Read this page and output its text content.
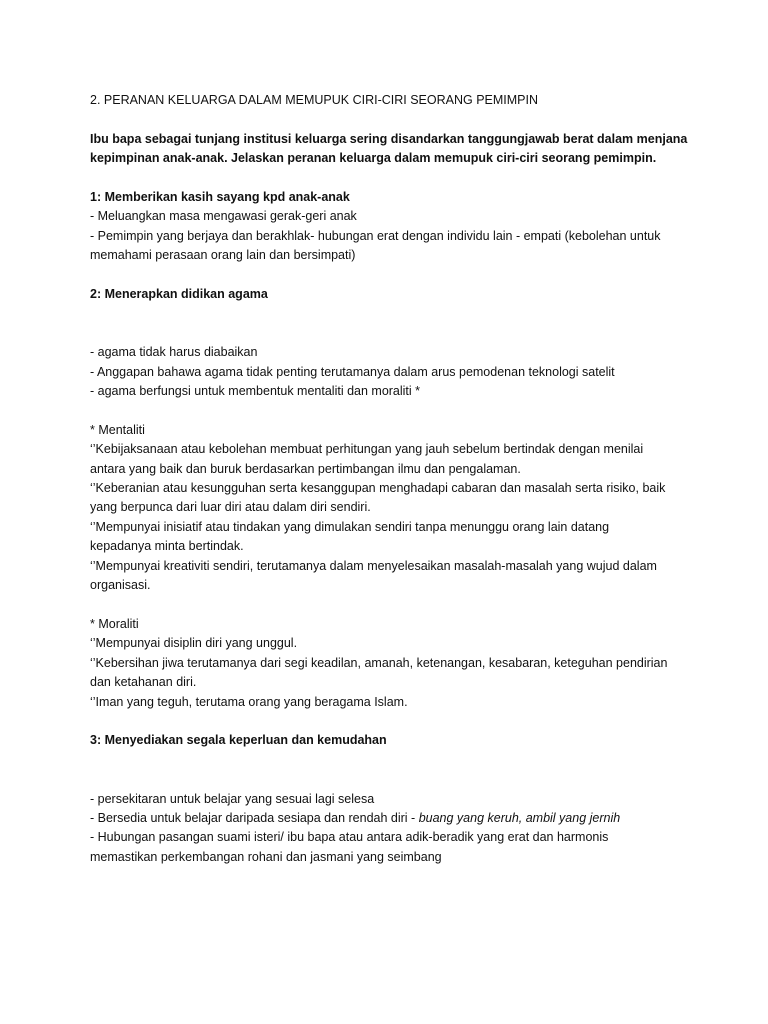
2. PERANAN KELUARGA DALAM MEMUPUK CIRI-CIRI SEORANG PEMIMPIN
Ibu bapa sebagai tunjang institusi keluarga sering disandarkan tanggungjawab berat dalam menjana
kepimpinan anak-anak. Jelaskan peranan keluarga dalam memupuk ciri-ciri seorang pemimpin.
1: Memberikan kasih sayang kpd anak-anak
- Meluangkan masa mengawasi gerak-geri anak
- Pemimpin yang berjaya dan berakhlak- hubungan erat dengan individu lain - empati (kebolehan untuk
memahami perasaan orang lain dan bersimpati)
2: Menerapkan didikan agama
- agama tidak harus diabaikan
- Anggapan bahawa agama tidak penting terutamanya dalam arus pemodenan teknologi satelit
- agama berfungsi untuk membentuk mentaliti dan moraliti *
* Mentaliti
‘’Kebijaksanaan atau kebolehan membuat perhitungan yang jauh sebelum bertindak dengan menilai
antara yang baik dan buruk berdasarkan pertimbangan ilmu dan pengalaman.
‘’Keberanian atau kesungguhan serta kesanggupan menghadapi cabaran dan masalah serta risiko, baik
yang berpunca dari luar diri atau dalam diri sendiri.
‘’Mempunyai inisiatif atau tindakan yang dimulakan sendiri tanpa menunggu orang lain datang
kepadanya minta bertindak.
‘’Mempunyai kreativiti sendiri, terutamanya dalam menyelesaikan masalah-masalah yang wujud dalam
organisasi.
* Moraliti
‘’Mempunyai disiplin diri yang unggul.
‘’Kebersihan jiwa terutamanya dari segi keadilan, amanah, ketenangan, kesabaran, keteguhan pendirian
dan ketahanan diri.
‘’Iman yang teguh, terutama orang yang beragama Islam.
3: Menyediakan segala keperluan dan kemudahan
- persekitaran untuk belajar yang sesuai lagi selesa
- Bersedia untuk belajar daripada sesiapa dan rendah diri - buang yang keruh, ambil yang jernih
- Hubungan pasangan suami isteri/ ibu bapa atau antara adik-beradik yang erat dan harmonis
memastikan perkembangan rohani dan jasmani yang seimbang
